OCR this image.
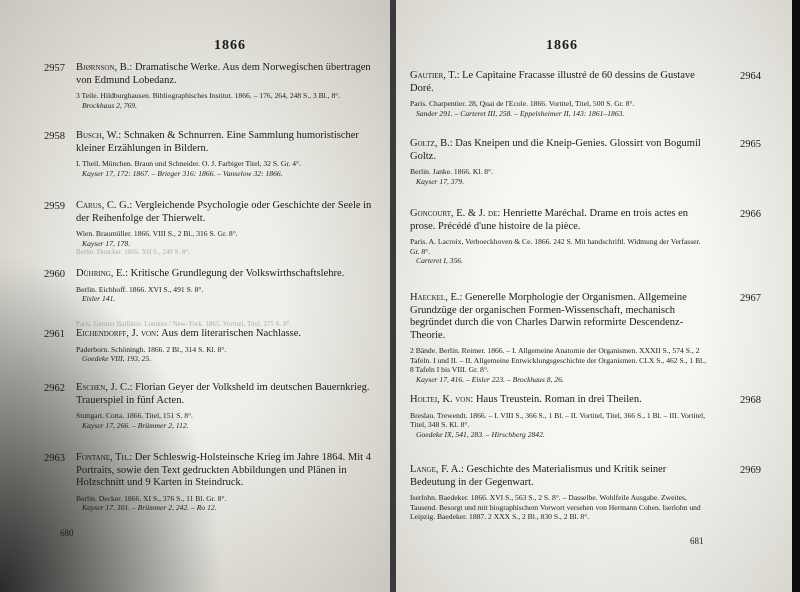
1866
2957 Bjørnson, B.: Dramatische Werke. Aus dem Norwegischen übertragen von Edmund Lobedanz.

3 Teile. Hildburghausen. Bibliographisches Institut. 1866. – 176, 264, 248 S., 3 Bl., 8°.

Brockhaus 2, 769.

2958 Busch, W.: Schnaken & Schnurren. Eine Sammlung humoristischer kleiner Erzählungen in Bildern.

I. Theil. München. Braun und Schneider. O. J. Farbiger Titel, 32 S. Gr. 4°.

Kayser 17, 172: 1867. – Brieger 316: 1866. – Vanselow 32: 1866.

2959 Carus, C. G.: Vergleichende Psychologie oder Geschichte der Seele in der Reihenfolge der Thierwelt.

Wien. Braumüller. 1866. VIII S., 2 Bl., 316 S. Gr. 8°.

Kayser 17, 178.

Berlin. Duncker. 1865. XII S., 240 S. 8°.

2960 Dühring, E.: Kritische Grundlegung der Volkswirthschaftslehre.

Berlin. Eichhoff. 1866. XVI S., 491 S. 8°.

Eisler 141.

Paris. Germer Baillière. Londres / New-York. 1865. Vortitel, Titel, 275 S. 8°.

2961 Eichendorff, J. von: Aus dem literarischen Nachlasse.

Paderborn. Schöningh. 1866. 2 Bl., 314 S. Kl. 8°.

Goedeke VIII, 193, 25.

2962 Eschen, J. C.: Florian Geyer der Volksheld im deutschen Bauernkrieg. Trauerspiel in fünf Acten.

Stuttgart. Cotta. 1866. Titel, 151 S. 8°.

Kayser 17, 266. – Brümmer 2, 112.

2963 Fontane, Th.: Der Schleswig-Holsteinsche Krieg im Jahre 1864. Mit 4 Portraits, sowie den Text gedruckten Abbildungen und Plänen in Holzschnitt und 9 Karten in Steindruck.

Berlin. Decker. 1866. XI S., 376 S., 11 Bl. Gr. 8°.

Kayser 17, 301. – Brümmer 2, 242. – Ro 12.

680
1866
2964

Gautier, T.: Le Capitaine Fracasse illustré de 60 dessins de Gustave Doré.

Paris. Charpentier. 28, Quai de l'Ecole. 1866. Vortitel, Titel, 500 S. Gr. 8°.

Sander 291. – Carteret III, 258. – Eppelsheimer II, 143: 1861–1863.

2965

Goltz, B.: Das Kneipen und die Kneip-Genies. Glossirt von Bogumil Goltz.

Berlin. Janke. 1866. Kl. 8°.

Kayser 17, 379.

2966

Goncourt, E. & J. de: Henriette Maréchal. Drame en trois actes en prose. Précédé d'une histoire de la pièce.

Paris. A. Lacroix, Verboeckhoven & Ce. 1866. 242 S. Mit handschriftl. Widmung der Verfasser. Gr. 8°.

Carteret I, 356.

2967

Haeckel, E.: Generelle Morphologie der Organismen. Allgemeine Grundzüge der organischen Formen-Wissenschaft, mechanisch begründet durch die von Charles Darwin reformirte Descendenz-Theorie.

2 Bände. Berlin. Reimer. 1866. – I. Allgemeine Anatomie der Organismen. XXXII S., 574 S., 2 Tafeln. I und II. – II. Allgemeine Entwicklungsgeschichte der Organismen. CLX S., 462 S., 1 Bl., 8 Tafeln I bis VIII. Gr. 8°.

Kayser 17, 416. – Eisler 223. – Brockhaus 8, 26.

2968

Holtei, K. von: Haus Treustein. Roman in drei Theilen.

Breslau. Trewendt. 1866. – I. VIII S., 366 S., 1 Bl. – II. Vortitel, Titel, 366 S., 1 Bl. – III. Vortitel, Titel, 348 S. Kl. 8°.

Goedeke IX, 541, 283. – Hirschberg 2842.

2969

Lange, F. A.: Geschichte des Materialismus und Kritik seiner Bedeutung in der Gegenwart.

Iserlohn. Baedeker. 1866. XVI S., 563 S., 2 S. 8°. – Dasselbe. Wohlfeile Ausgabe. Zweites, Tausend. Besorgt und mit biographischem Vorwort versehen von Hermann Cohen. Iserlohn und Leipzig. Baedeker. 1887. 2 XXX S., 2 Bl., 830 S., 2 Bl. 8°.

681
